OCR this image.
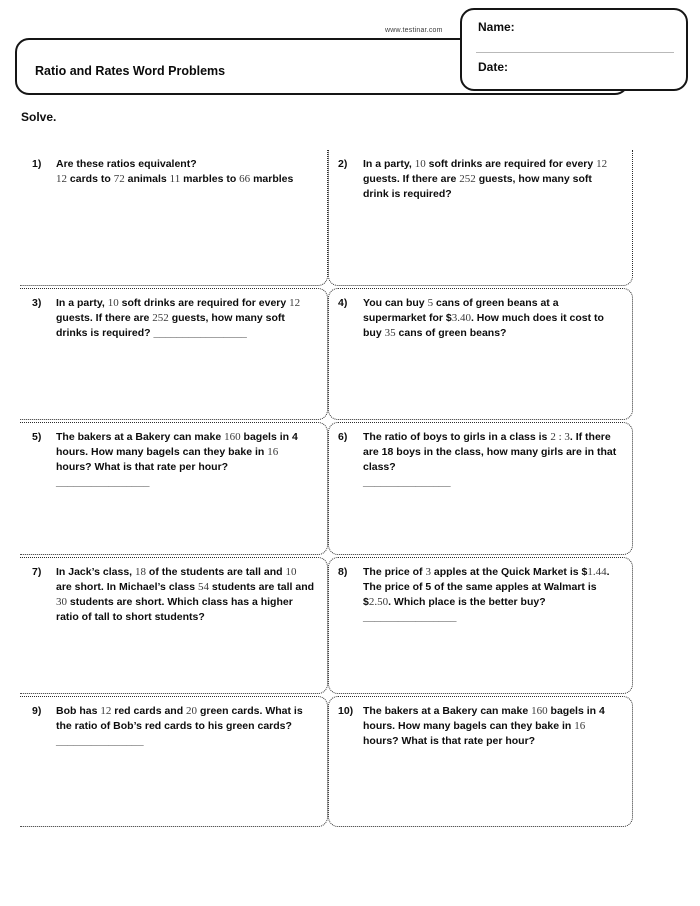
www.testinar.com
Ratio and Rates Word Problems
Name:
Date:
Solve.
1)	Are these ratios equivalent?
12 cards to 72 animals 11 marbles to 66 marbles
2)	In a party, 10 soft drinks are required for every 12 guests. If there are 252 guests, how many soft drink is required?
3)	In a party, 10 soft drinks are required for every 12 guests. If there are 252 guests, how many soft drinks is required? ________________
4)	You can buy 5 cans of green beans at a supermarket for $3.40. How much does it cost to buy 35 cans of green beans?
5)	The bakers at a Bakery can make 160 bagels in 4 hours. How many bagels can they bake in 16 hours? What is that rate per hour? ________________
6)	The ratio of boys to girls in a class is 2 : 3. If there are 18 boys in the class, how many girls are in that class?
_______________
7)	In Jack’s class, 18 of the students are tall and 10 are short. In Michael’s class 54 students are tall and 30 students are short. Which class has a higher ratio of tall to short students?
8)	The price of 3 apples at the Quick Market is $1.44. The price of 5 of the same apples at Walmart is $2.50. Which place is the better buy? ________________
9)	Bob has 12 red cards and 20 green cards. What is the ratio of Bob’s red cards to his green cards?
_______________
10) The bakers at a Bakery can make 160 bagels in 4 hours. How many bagels can they bake in 16 hours? What is that rate per hour?
